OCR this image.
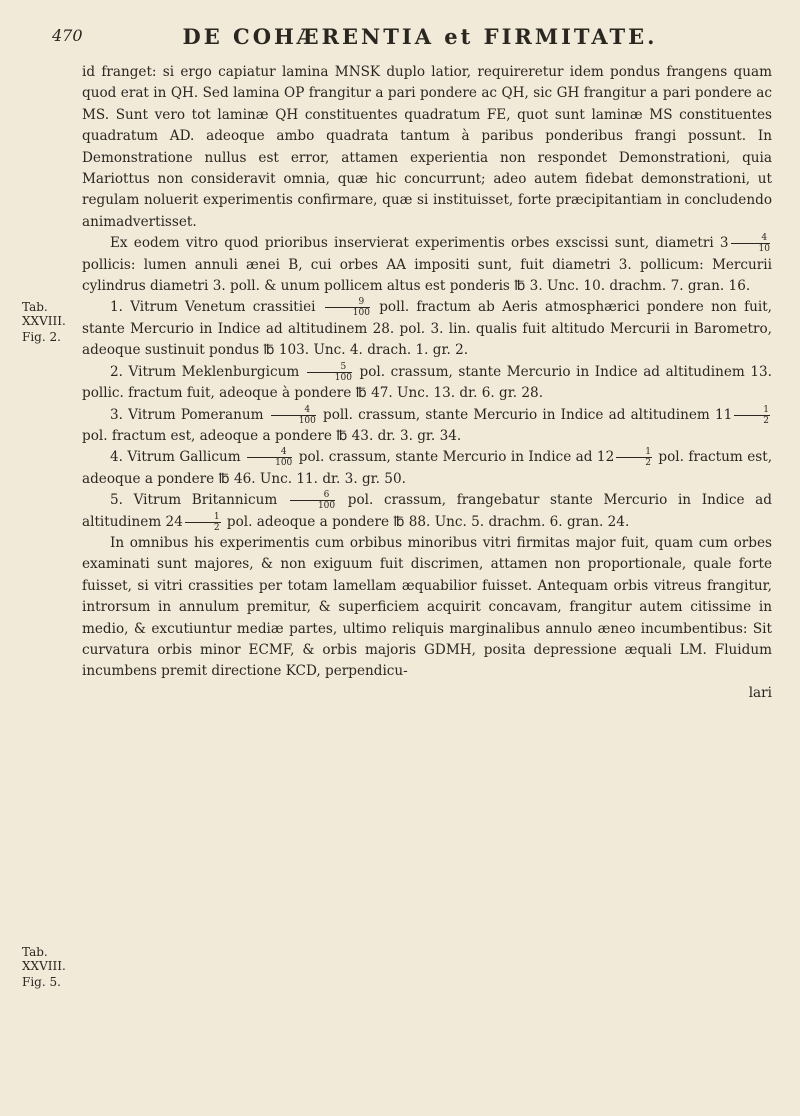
470	DE COHÆRENTIA et FIRMITATE.
Tab. XXVIII.
Fig. 2.
Tab. XXVIII.
Fig. 5.

id franget: si ergo capiatur lamina MNSK duplo latior, requireretur idem pondus frangens quam quod erat in QH. Sed lamina OP frangitur a pari pondere ac QH, sic GH frangitur a pari pondere ac MS. Sunt vero tot laminæ QH constituentes quadratum FE, quot sunt laminæ MS constituentes quadratum AD. adeoque ambo quadrata tantum à paribus ponderibus frangi possunt. In Demonstratione nullus est error, attamen experientia non respondet Demonstrationi, quia Mariottus non consideravit omnia, quæ hic concurrunt; adeo autem fidebat demonstrationi, ut regulam noluerit experimentis confirmare, quæ si instituisset, forte præcipitantiam in concludendo animadvertisset.

Ex eodem vitro quod prioribus inservierat experimentis orbes exscissi sunt, diametri $3 \frac{4}{10}$
pollicis: lumen annuli ænei B, cui orbes AA impositi sunt, fuit diametri 3. pollicum: Mercurii cylindrus diametri 3. poll. & unum pollicem altus est ponderis ℔ 3. Unc. 10. drachm. 7. gran. 16.

1. Vitrum Venetum crassitiei $\frac{9}{100}$ poll. fractum ab Aeris atmosphærici pondere non fuit, stante Mercurio in Indice ad altitudinem 28. pol. 3. lin. qualis fuit altitudo Mercurii in Barometro, adeoque sustinuit pondus ℔ 103. Unc. 4. drach. 1. gr. 2.

2. Vitrum Meklenburgicum $\frac{5}{100}$ pol. crassum, stante Mercurio in Indice ad altitudinem 13. pollic. fractum fuit, adeoque à pondere ℔ 47. Unc. 13. dr. 6. gr. 28.

3. Vitrum Pomeranum $\frac{4}{100}$ poll. crassum, stante Mercurio in Indice ad altitudinem $11 \frac{1}{2}$
pol. fractum est, adeoque a pondere ℔ 43. dr. 3. gr. 34.

4. Vitrum Gallicum $\frac{4}{100}$ pol. crassum, stante Mercurio in Indice ad $12 \frac{1}{2}$ pol. fractum est, adeoque a pondere ℔ 46. Unc. 11. dr. 3. gr. 50.

5. Vitrum Britannicum $\frac{6}{100}$ pol. crassum, frangebatur stante Mercurio in Indice ad altitudinem $24 \frac{1}{2}$ pol. adeoque a pondere ℔ 88. Unc. 5. drachm. 6. gran. 24.

In omnibus his experimentis cum orbibus minoribus vitri firmitas major fuit, quam cum orbes examinati sunt majores, & non exiguum fuit discrimen, attamen non proportionale, quale forte fuisset, si vitri crassities per totam lamellam æquabilior fuisset. Antequam orbis vitreus frangitur, introrsum in annulum premitur, & superficiem acquirit concavam, frangitur autem citissime in medio, & excutiuntur mediæ partes, ultimo reliquis marginalibus annulo æneo incumbentibus: Sit curvatura orbis minor ECMF, & orbis majoris GDMH, posita depressione æquali LM. Fluidum incumbens premit directione KCD, perpendicu-

lari
